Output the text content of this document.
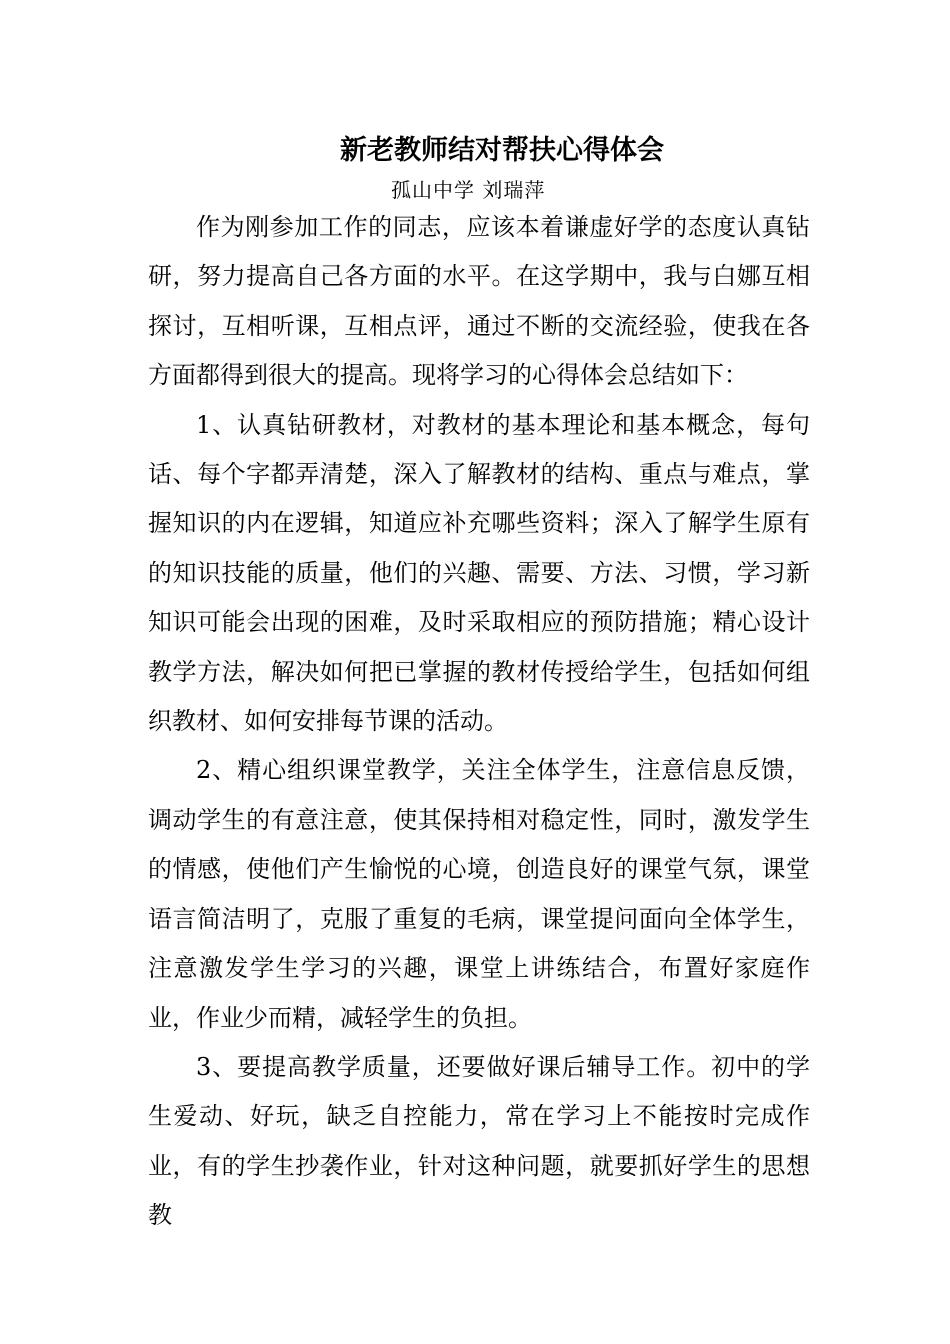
新老教师结对帮扶心得体会
孤山中学 刘瑞萍

作为刚参加工作的同志，应该本着谦虚好学的态度认真钻研，努力提高自己各方面的水平。在这学期中，我与白娜互相探讨，互相听课，互相点评，通过不断的交流经验，使我在各方面都得到很大的提高。现将学习的心得体会总结如下：

1、认真钻研教材，对教材的基本理论和基本概念，每句话、每个字都弄清楚，深入了解教材的结构、重点与难点，掌握知识的内在逻辑，知道应补充哪些资料；深入了解学生原有的知识技能的质量，他们的兴趣、需要、方法、习惯，学习新知识可能会出现的困难，及时采取相应的预防措施；精心设计教学方法，解决如何把已掌握的教材传授给学生，包括如何组织教材、如何安排每节课的活动。

2、精心组织课堂教学，关注全体学生，注意信息反馈，调动学生的有意注意，使其保持相对稳定性，同时，激发学生的情感，使他们产生愉悦的心境，创造良好的课堂气氛，课堂语言简洁明了，克服了重复的毛病，课堂提问面向全体学生，注意激发学生学习的兴趣，课堂上讲练结合，布置好家庭作业，作业少而精，减轻学生的负担。

3、要提高教学质量，还要做好课后辅导工作。初中的学生爱动、好玩，缺乏自控能力，常在学习上不能按时完成作业，有的学生抄袭作业，针对这种问题，就要抓好学生的思想教
